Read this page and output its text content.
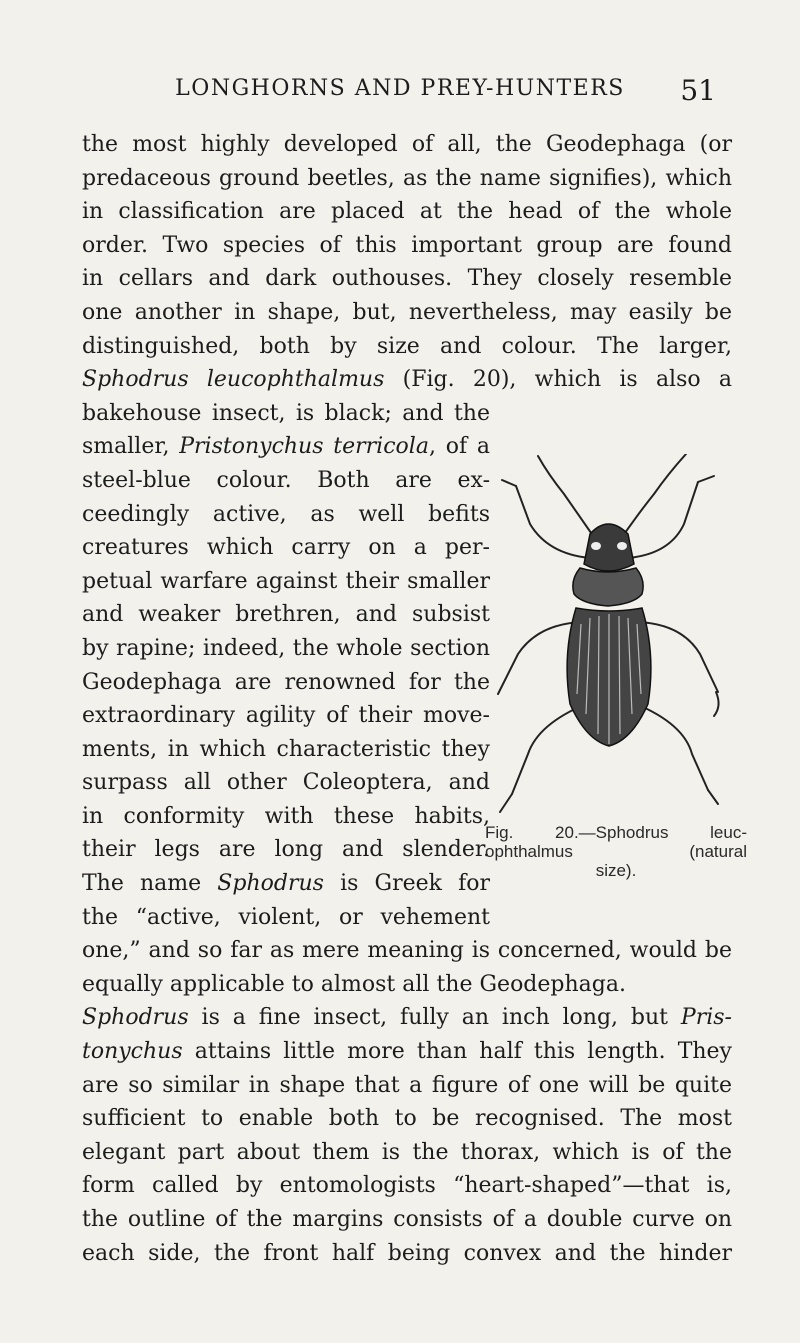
LONGHORNS AND PREY-HUNTERS	51
the most highly developed of all, the Geodephaga (or
predaceous ground beetles, as the name signifies), which
in classification are placed at the head of the whole
order. Two species of this important group are found
in cellars and dark outhouses. They closely resemble
one another in shape, but, nevertheless, may easily be
distinguished, both by size and colour. The larger,
Sphodrus leucophthalmus (Fig. 20), which is also a
bakehouse insect, is black; and the
smaller, Pristonychus terricola, of a
steel-blue colour. Both are ex-
ceedingly active, as well befits
creatures which carry on a per-
petual warfare against their smaller
and weaker brethren, and subsist
by rapine; indeed, the whole section
Geodephaga are renowned for the
extraordinary agility of their move-
ments, in which characteristic they
surpass all other Coleoptera, and
in conformity with these habits,
their legs are long and slender.
The name Sphodrus is Greek for
the “active, violent, or vehement
one,” and so far as mere meaning is concerned, would be
equally applicable to almost all the Geodephaga.
Sphodrus is a fine insect, fully an inch long, but Pris-
tonychus attains little more than half this length. They
are so similar in shape that a figure of one will be quite
sufficient to enable both to be recognised. The most
elegant part about them is the thorax, which is of the
form called by entomologists “heart-shaped”—that is,
the outline of the margins consists of a double curve on
each side, the front half being convex and the hinder
Fig. 20.—Sphodrus leuc-
ophthalmus (natural
size).
